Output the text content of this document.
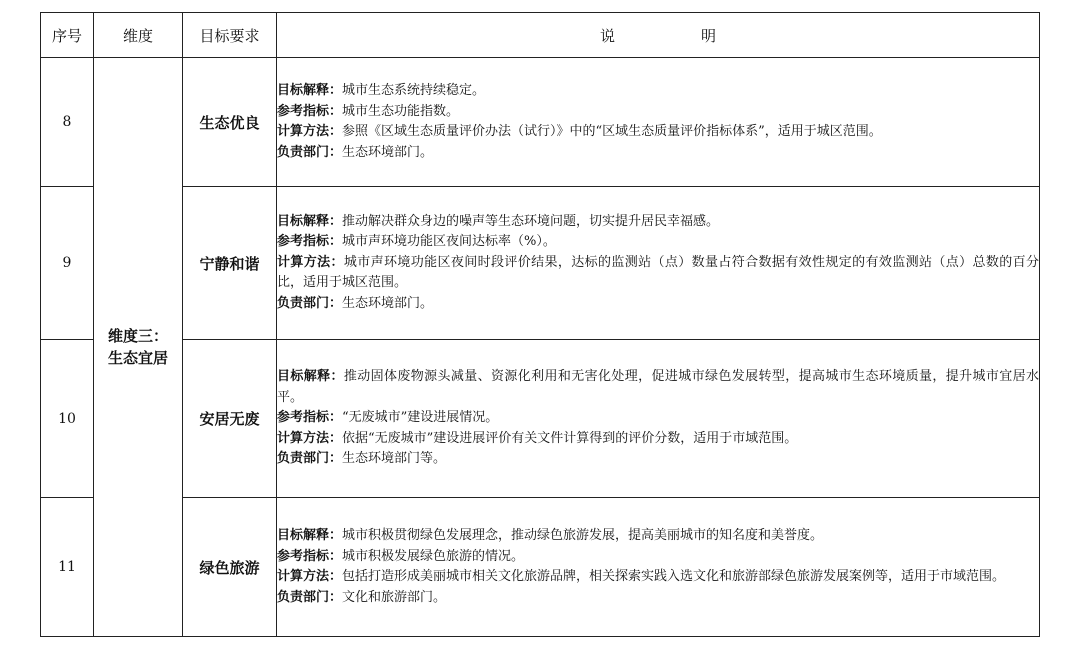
序号	维度	目标要求	说 明
8	维度三：生态宜居	生态优良	目标解释：城市生态系统持续稳定。
参考指标：城市生态功能指数。
计算方法：参照《区域生态质量评价办法（试行）》中的“区域生态质量评价指标体系”，适用于城区范围。
负责部门：生态环境部门。

9		宁静和谐	目标解释：推动解决群众身边的噪声等生态环境问题，切实提升居民幸福感。
参考指标：城市声环境功能区夜间达标率（%）。
计算方法：城市声环境功能区夜间时段评价结果，达标的监测站（点）数量占符合数据有效性规定的有效监测站（点）总数的百分比，适用于城区范围。
负责部门：生态环境部门。

10		安居无废	目标解释：推动固体废物源头减量、资源化利用和无害化处理，促进城市绿色发展转型，提高城市生态环境质量，提升城市宜居水平。
参考指标：“无废城市”建设进展情况。
计算方法：依据“无废城市”建设进展评价有关文件计算得到的评价分数，适用于市域范围。
负责部门：生态环境部门等。

11		绿色旅游	目标解释：城市积极贯彻绿色发展理念，推动绿色旅游发展，提高美丽城市的知名度和美誉度。
参考指标：城市积极发展绿色旅游的情况。
计算方法：包括打造形成美丽城市相关文化旅游品牌，相关探索实践入选文化和旅游部绿色旅游发展案例等，适用于市域范围。
负责部门：文化和旅游部门。
